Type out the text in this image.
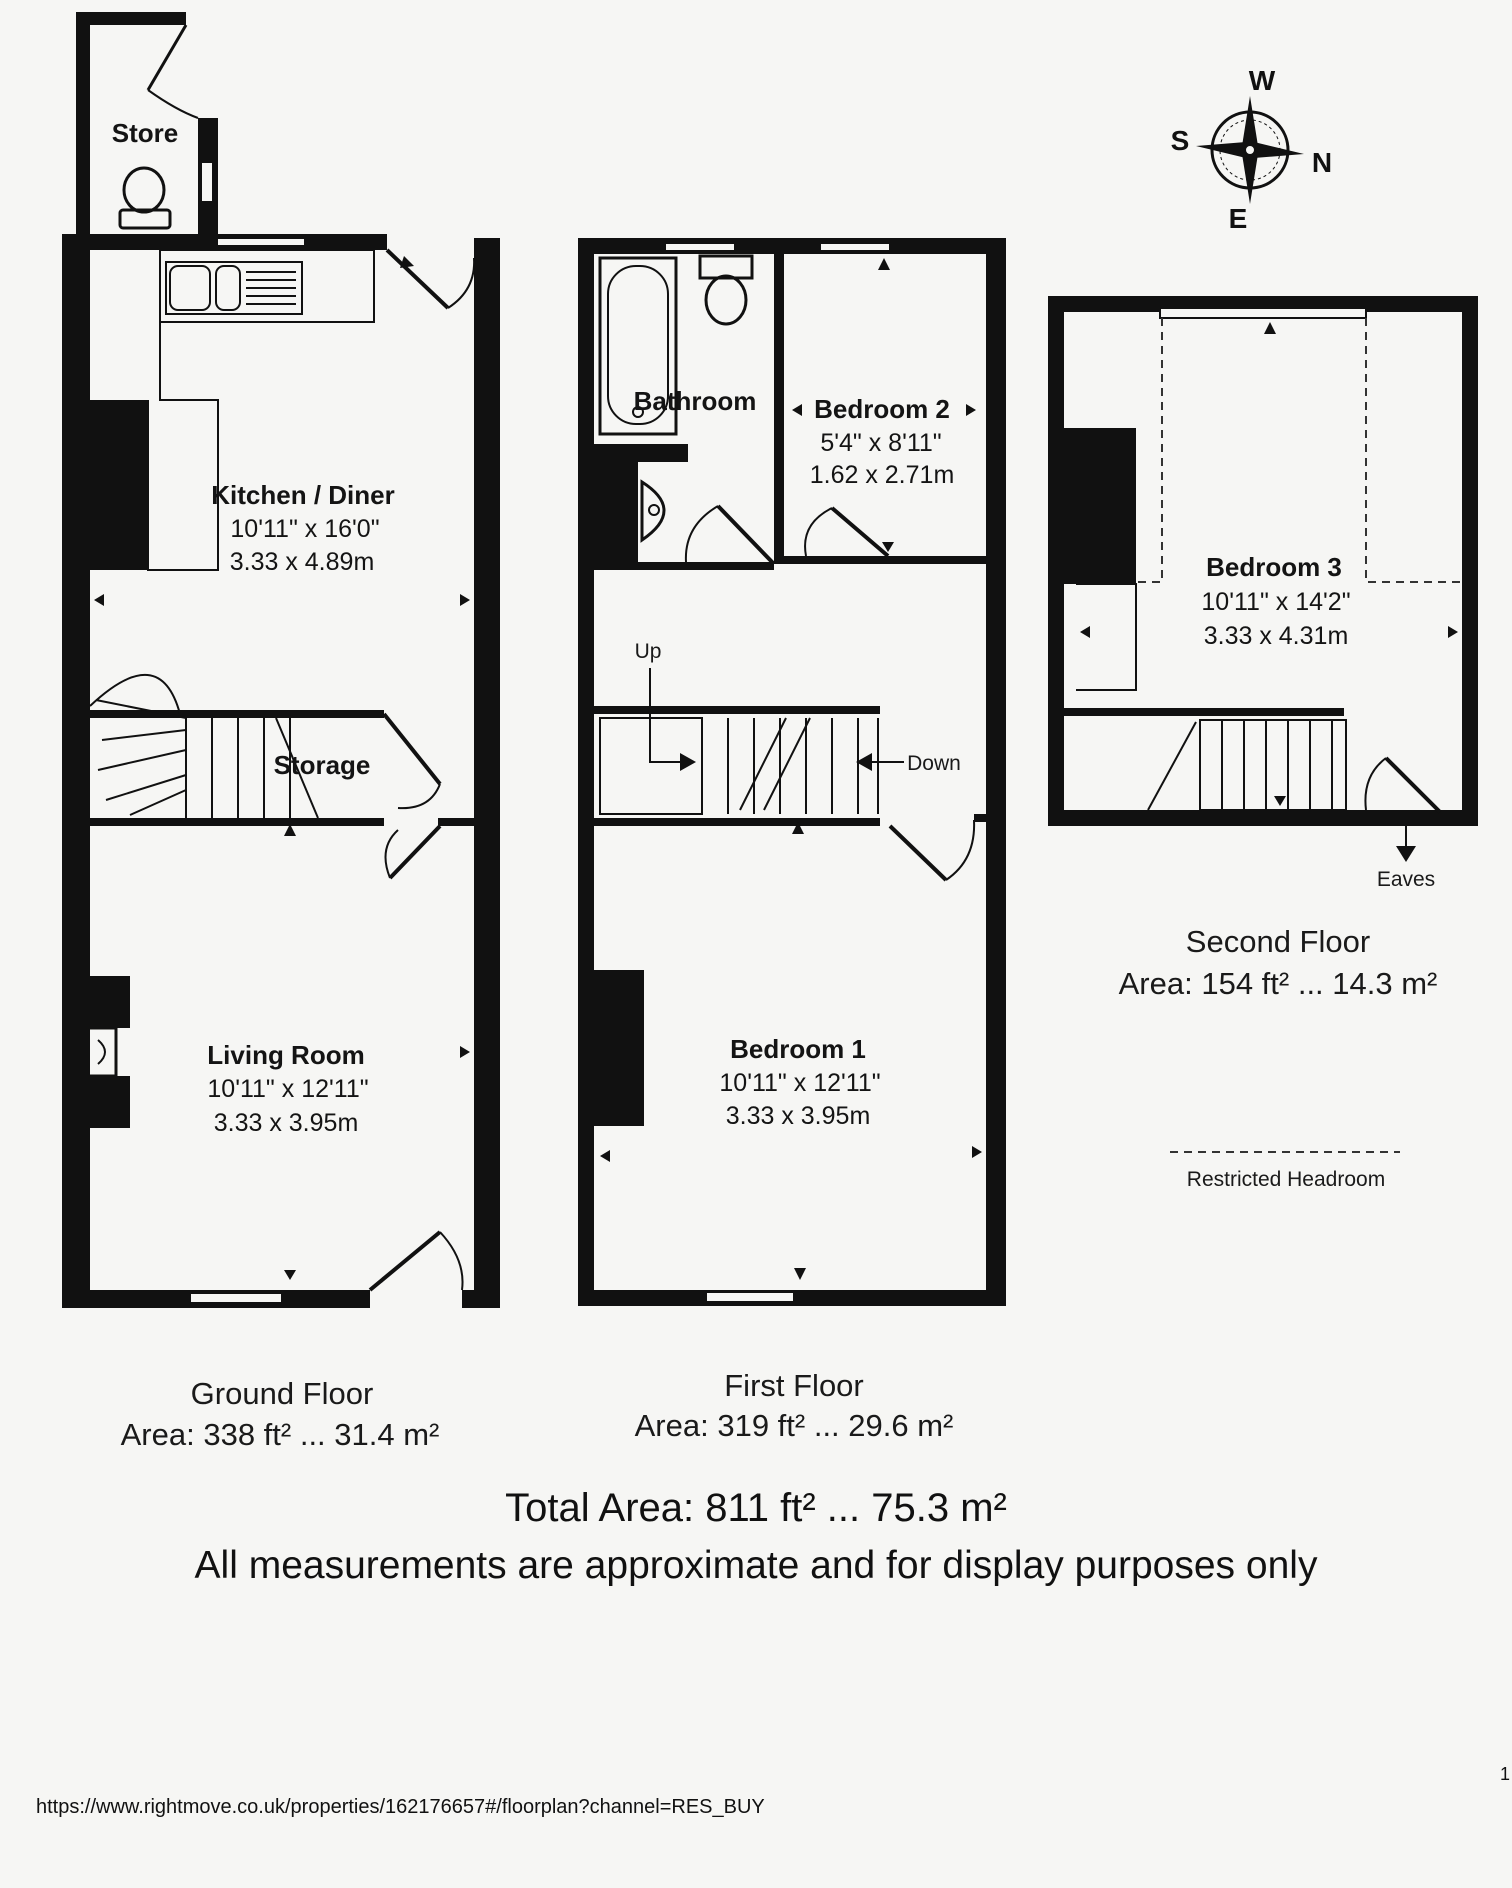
W
S
N
E
Store
Kitchen / Diner
10'11" x 16'0"
3.33 x 4.89m
Storage
Living Room
10'11" x 12'11"
3.33 x 3.95m
Bathroom Bedroom 2
5'4" x 8'11"
1.62 x 2.71m
Up
Down
Bedroom 1
10'11" x 12'11"
3.33 x 3.95m
Bedroom 3
10'11" x 14'2"
3.33 x 4.31m
Eaves
Second Floor
Area: 154 ft² ... 14.3 m²
Restricted Headroom
Ground Floor
Area: 338 ft² ... 31.4 m²
First Floor
Area: 319 ft² ... 29.6 m²
Total Area: 811 ft² ... 75.3 m²
All measurements are approximate and for display purposes only
https://www.rightmove.co.uk/properties/162176657#/floorplan?channel=RES_BUY
1
